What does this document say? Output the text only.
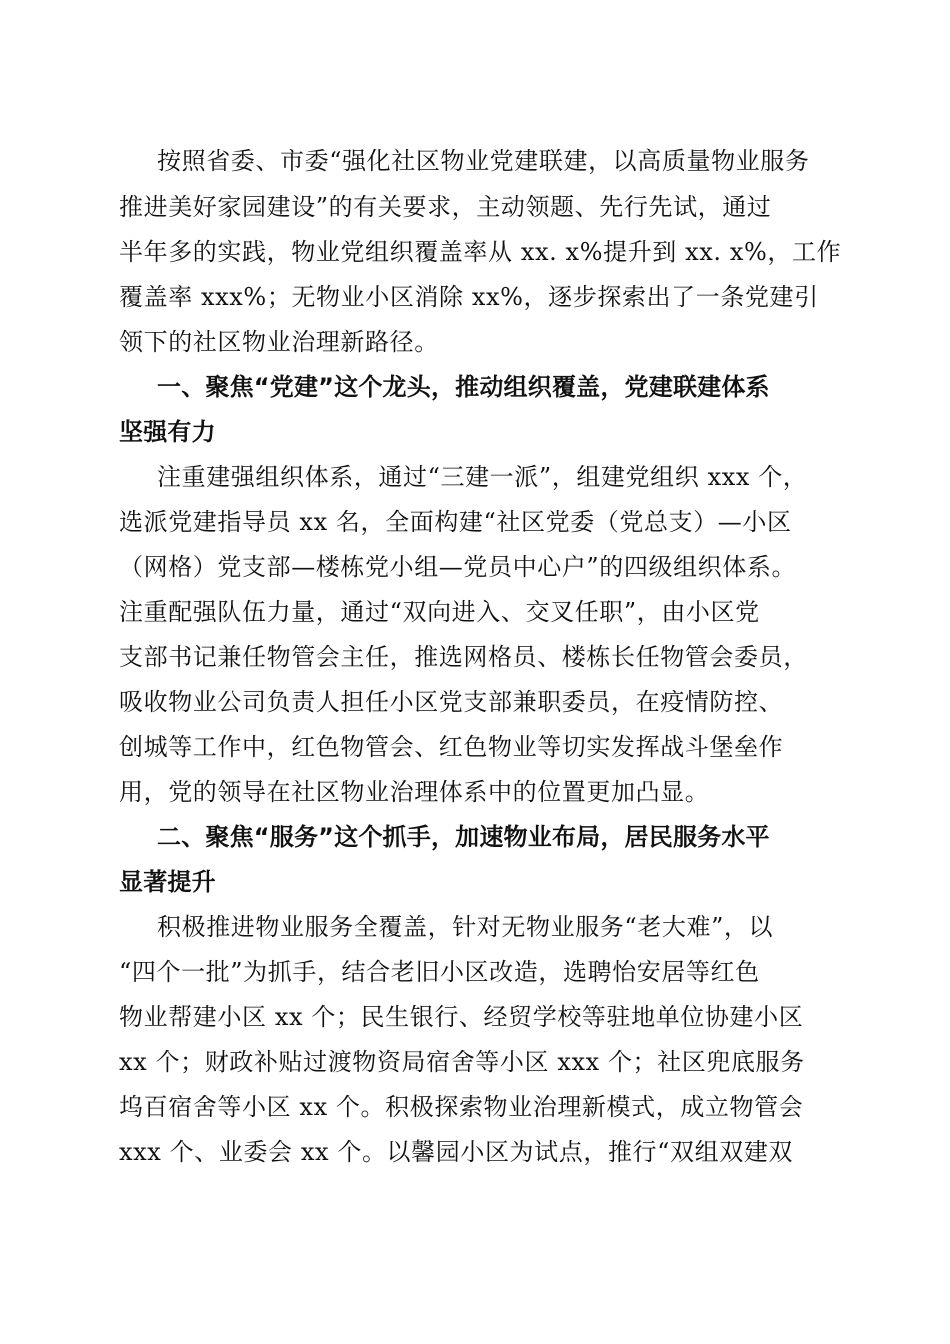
按照省委、市委“强化社区物业党建联建，以高质量物业服务
推进美好家园建设”的有关要求，主动领题、先行先试，通过
半年多的实践，物业党组织覆盖率从 xx. x%提升到 xx. x%，工作
覆盖率 xxx%；无物业小区消除 xx%，逐步探索出了一条党建引
领下的社区物业治理新路径。
一、聚焦“党建”这个龙头，推动组织覆盖，党建联建体系
坚强有力
注重建强组织体系，通过“三建一派”，组建党组织 xxx 个，
选派党建指导员 xx 名，全面构建“社区党委（党总支）—小区
（网格）党支部—楼栋党小组—党员中心户”的四级组织体系。
注重配强队伍力量，通过“双向进入、交叉任职”，由小区党
支部书记兼任物管会主任，推选网格员、楼栋长任物管会委员，
吸收物业公司负责人担任小区党支部兼职委员，在疫情防控、
创城等工作中，红色物管会、红色物业等切实发挥战斗堡垒作
用，党的领导在社区物业治理体系中的位置更加凸显。
二、聚焦“服务”这个抓手，加速物业布局，居民服务水平
显著提升
积极推进物业服务全覆盖，针对无物业服务“老大难”，以
“四个一批”为抓手，结合老旧小区改造，选聘怡安居等红色
物业帮建小区 xx 个；民生银行、经贸学校等驻地单位协建小区
xx 个；财政补贴过渡物资局宿舍等小区 xxx 个；社区兜底服务
坞百宿舍等小区 xx 个。积极探索物业治理新模式，成立物管会
xxx 个、业委会 xx 个。以馨园小区为试点，推行“双组双建双
